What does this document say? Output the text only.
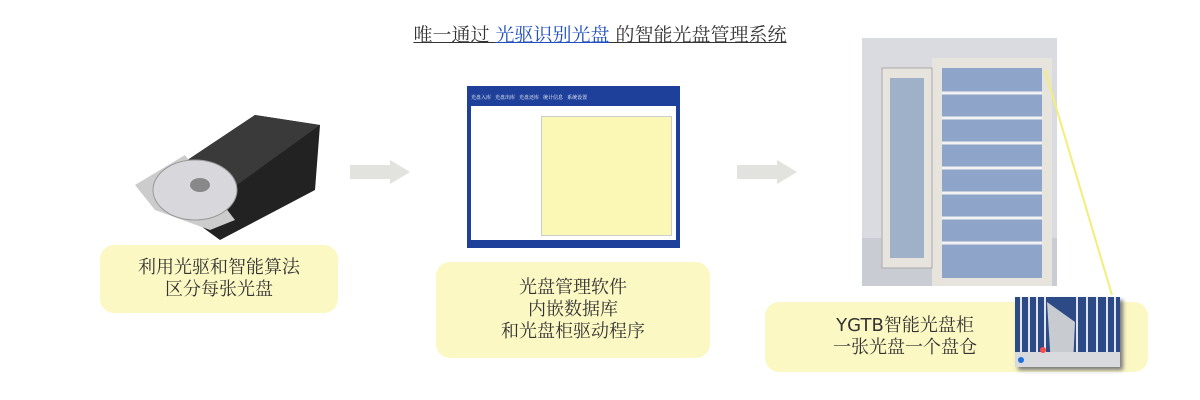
唯一通过 光驱识别光盘 的智能光盘管理系统
光盘入库 光盘出库 光盘还库 统计信息 系统设置
利用光驱和智能算法
区分每张光盘	光盘管理软件
内嵌数据库
和光盘柜驱动程序	YGTB智能光盘柜
一张光盘一个盘仓
